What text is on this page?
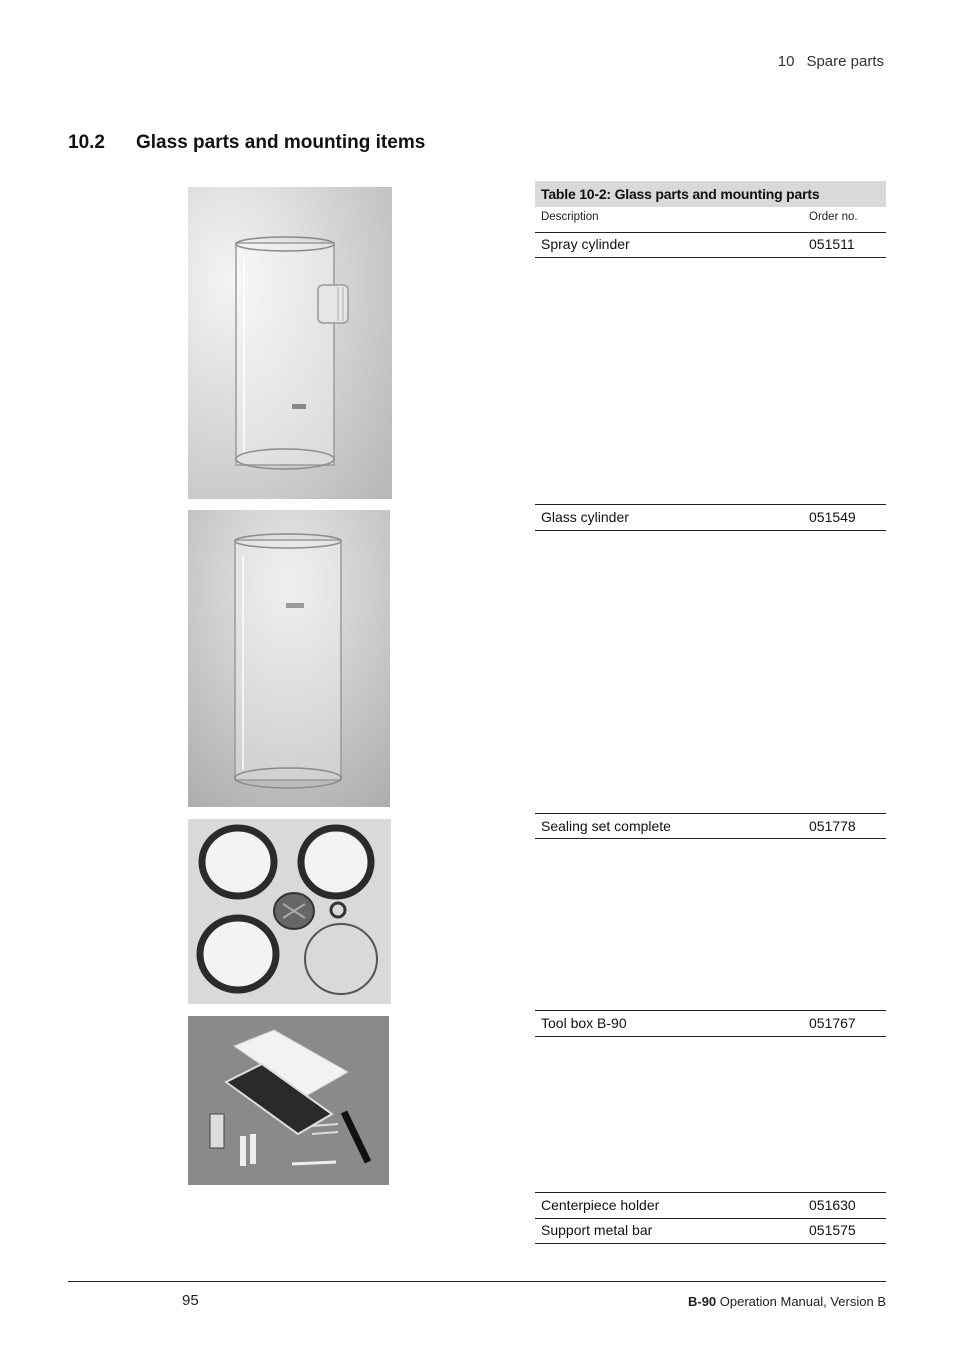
10 Spare parts
10.2 Glass parts and mounting items
Table 10-2: Glass parts and mounting parts
Description	Order no.
Spray cylinder	051511
Glass cylinder	051549
Sealing set complete	051778
Tool box B-90	051767
Centerpiece holder	051630
Support metal bar	051575
95	B-90 Operation Manual, Version B
